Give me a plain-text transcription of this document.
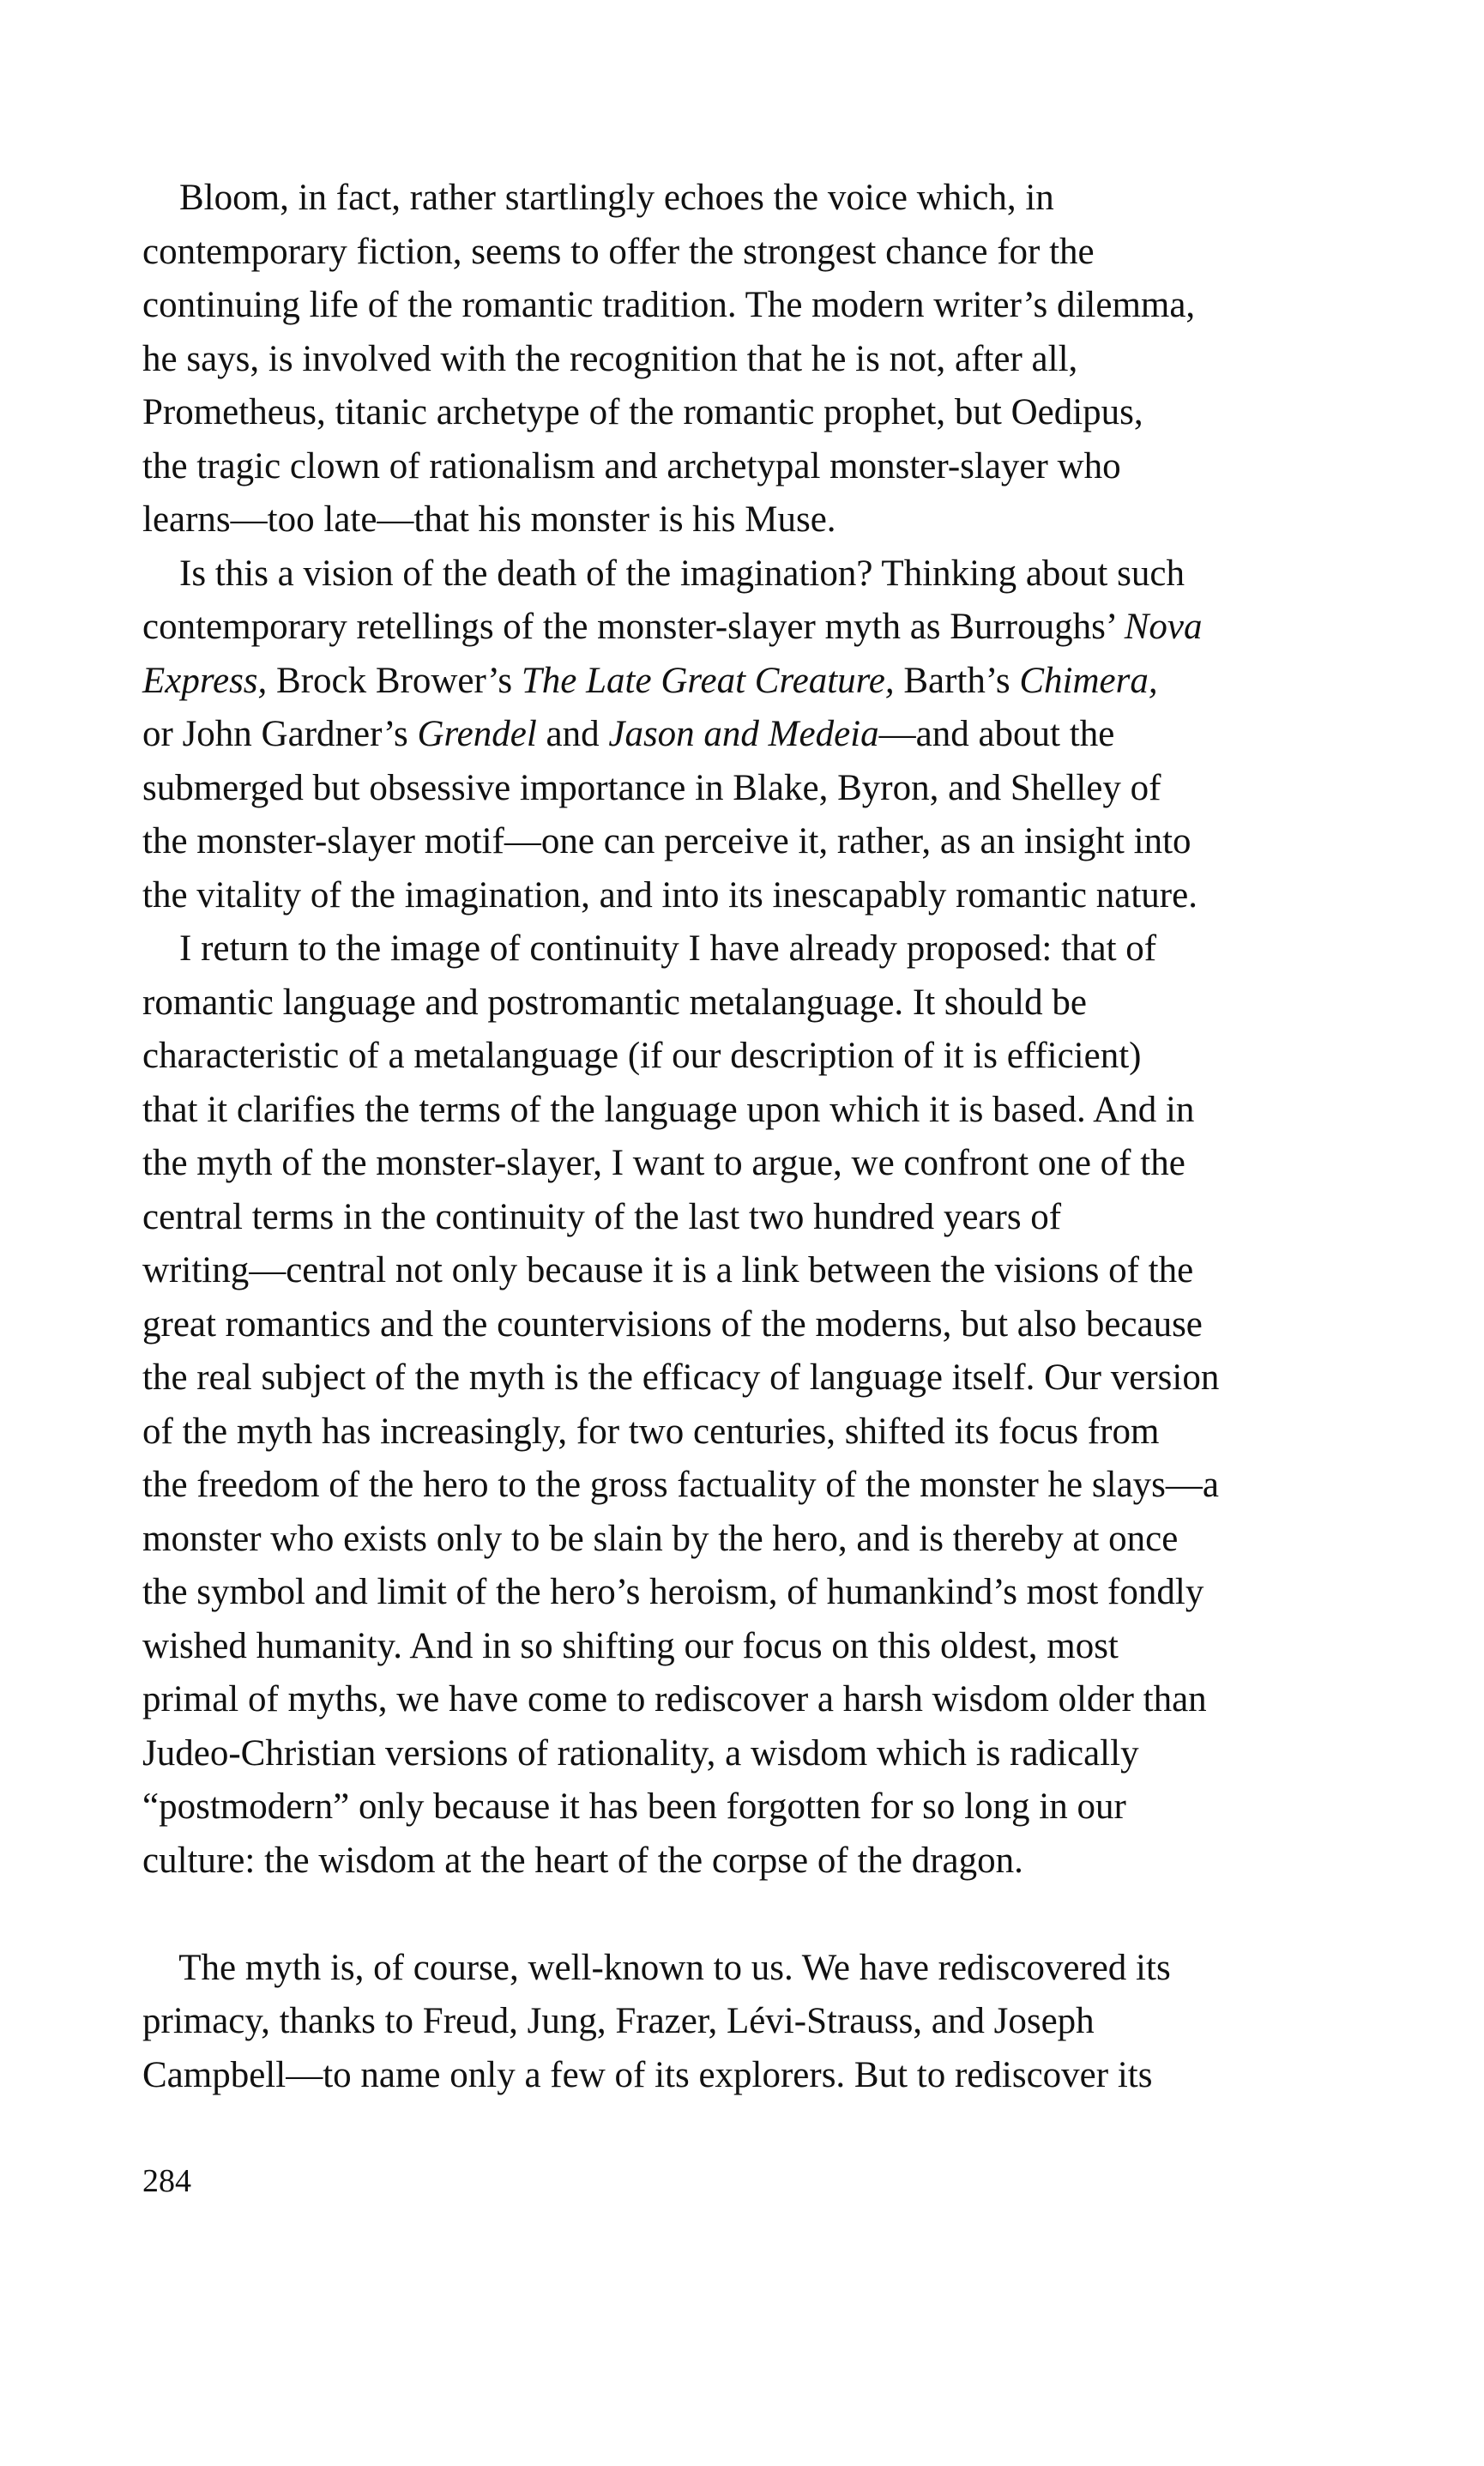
Bloom, in fact, rather startlingly echoes the voice which, in
contemporary fiction, seems to offer the strongest chance for the
continuing life of the romantic tradition. The modern writer’s dilemma,
he says, is involved with the recognition that he is not, after all,
Prometheus, titanic archetype of the romantic prophet, but Oedipus,
the tragic clown of rationalism and archetypal monster-slayer who
learns—too late—that his monster is his Muse.
Is this a vision of the death of the imagination? Thinking about such
contemporary retellings of the monster-slayer myth as Burroughs’ Nova
Express, Brock Brower’s The Late Great Creature, Barth’s Chimera,
or John Gardner’s Grendel and Jason and Medeia—and about the
submerged but obsessive importance in Blake, Byron, and Shelley of
the monster-slayer motif—one can perceive it, rather, as an insight into
the vitality of the imagination, and into its inescapably romantic nature.
I return to the image of continuity I have already proposed: that of
romantic language and postromantic metalanguage. It should be
characteristic of a metalanguage (if our description of it is efficient)
that it clarifies the terms of the language upon which it is based. And in
the myth of the monster-slayer, I want to argue, we confront one of the
central terms in the continuity of the last two hundred years of
writing—central not only because it is a link between the visions of the
great romantics and the countervisions of the moderns, but also because
the real subject of the myth is the efficacy of language itself. Our version
of the myth has increasingly, for two centuries, shifted its focus from
the freedom of the hero to the gross factuality of the monster he slays—a
monster who exists only to be slain by the hero, and is thereby at once
the symbol and limit of the hero’s heroism, of humankind’s most fondly
wished humanity. And in so shifting our focus on this oldest, most
primal of myths, we have come to rediscover a harsh wisdom older than
Judeo-Christian versions of rationality, a wisdom which is radically
“postmodern” only because it has been forgotten for so long in our
culture: the wisdom at the heart of the corpse of the dragon.
The myth is, of course, well-known to us. We have rediscovered its
primacy, thanks to Freud, Jung, Frazer, Lévi-Strauss, and Joseph
Campbell—to name only a few of its explorers. But to rediscover its
284
